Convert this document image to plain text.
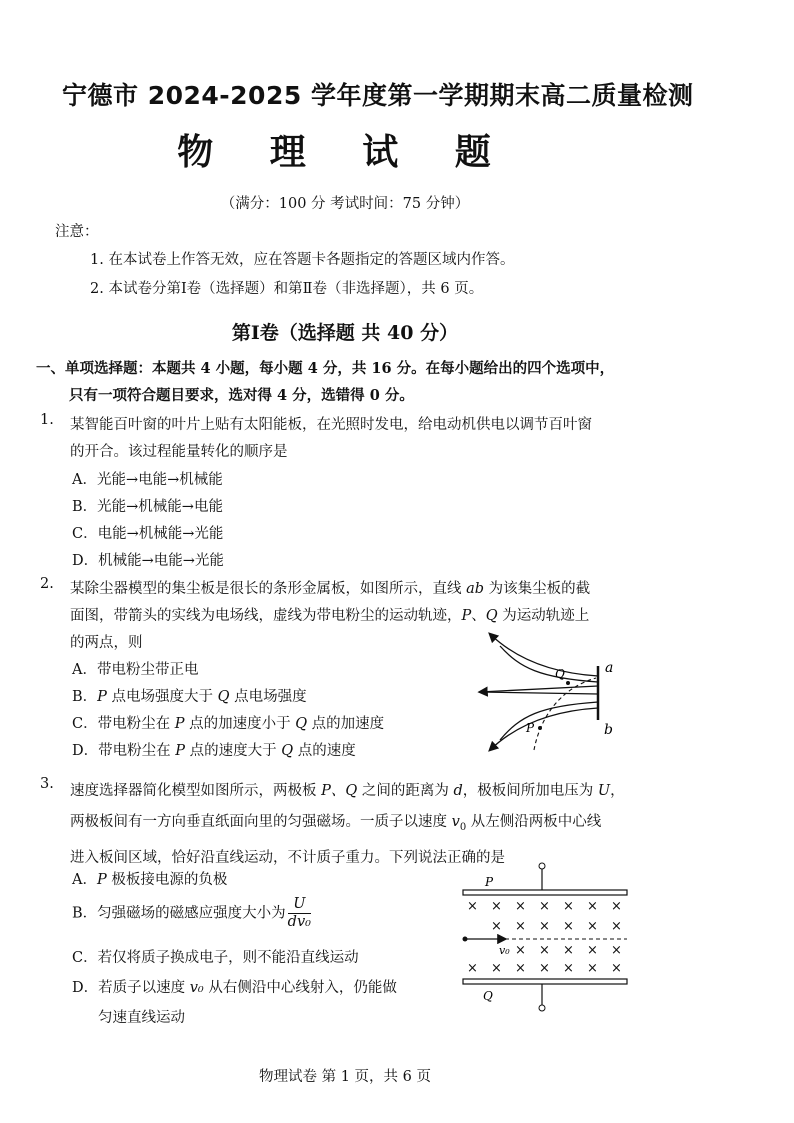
宁德市 2024-2025 学年度第一学期期末高二质量检测
物 理 试 题
（满分：100 分 考试时间：75 分钟）
注意：
1. 在本试卷上作答无效，应在答题卡各题指定的答题区域内作答。
2. 本试卷分第Ⅰ卷（选择题）和第Ⅱ卷（非选择题），共 6 页。
第Ⅰ卷（选择题 共 40 分）
一、单项选择题：本题共 4 小题，每小题 4 分，共 16 分。在每小题给出的四个选项中，
只有一项符合题目要求，选对得 4 分，选错得 0 分。
1. 某智能百叶窗的叶片上贴有太阳能板，在光照时发电，给电动机供电以调节百叶窗
的开合。该过程能量转化的顺序是
A．光能→电能→机械能
B．光能→机械能→电能
C．电能→机械能→光能
D．机械能→电能→光能
2. 某除尘器模型的集尘板是很长的条形金属板，如图所示，直线 ab 为该集尘板的截
面图，带箭头的实线为电场线，虚线为带电粉尘的运动轨迹，P、Q 为运动轨迹上
的两点，则
A．带电粉尘带正电
B．P 点电场强度大于 Q 点电场强度
C．带电粉尘在 P 点的加速度小于 Q 点的加速度
D．带电粉尘在 P 点的速度大于 Q 点的速度
Q
P
a
b
3. 速度选择器简化模型如图所示，两极板 P、Q 之间的距离为 d，极板间所加电压为 U，
两极板间有一方向垂直纸面向里的匀强磁场。一质子以速度 $v_0$ 从左侧沿两板中心线
进入板间区域，恰好沿直线运动，不计质子重力。下列说法正确的是
A．P 极板接电源的负极
B．匀强磁场的磁感应强度大小为 $\frac{U}{\text{dv₀}}$
C．若仅将质子换成电子，则不能沿直线运动
D．若质子以速度 v₀ 从右侧沿中心线射入，仍能做
匀速直线运动
P
Q
v₀
× × × × × × ×
× × × × × ×
× × × × ×
× × × × × × ×
物理试卷 第 1 页，共 6 页
